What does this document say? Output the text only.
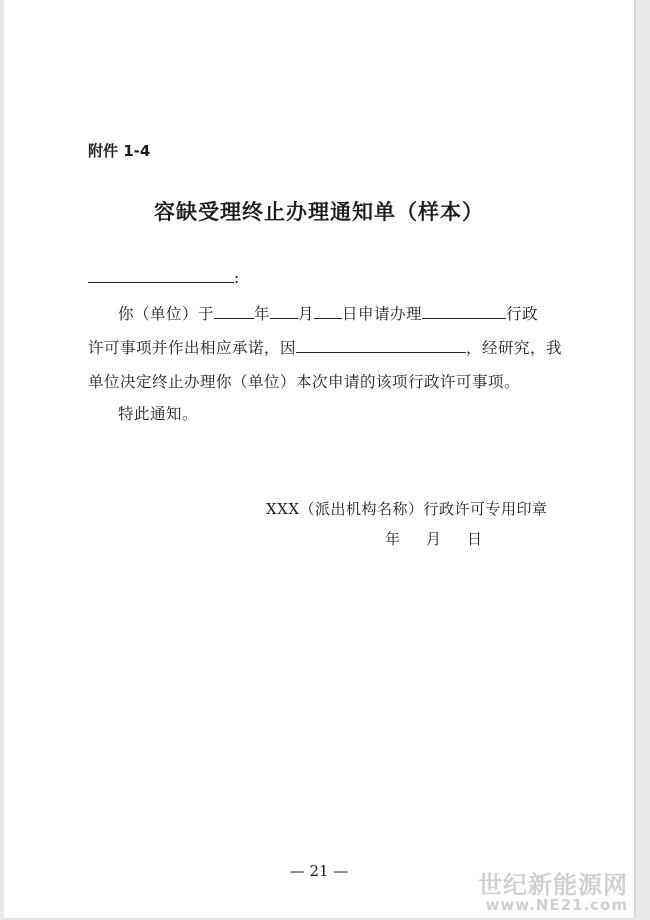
附件 1-4
容缺受理终止办理通知单（样本）
:
你（单位）于	年 月 日申请办理	行政
许可事项并作出相应承诺，因	，经研究，我
单位决定终止办理你（单位）本次申请的该项行政许可事项。
特此通知。
XXX（派出机构名称）行政许可专用印章
年 月 日
— 21 —
世纪新能源网
www.NE21.com
